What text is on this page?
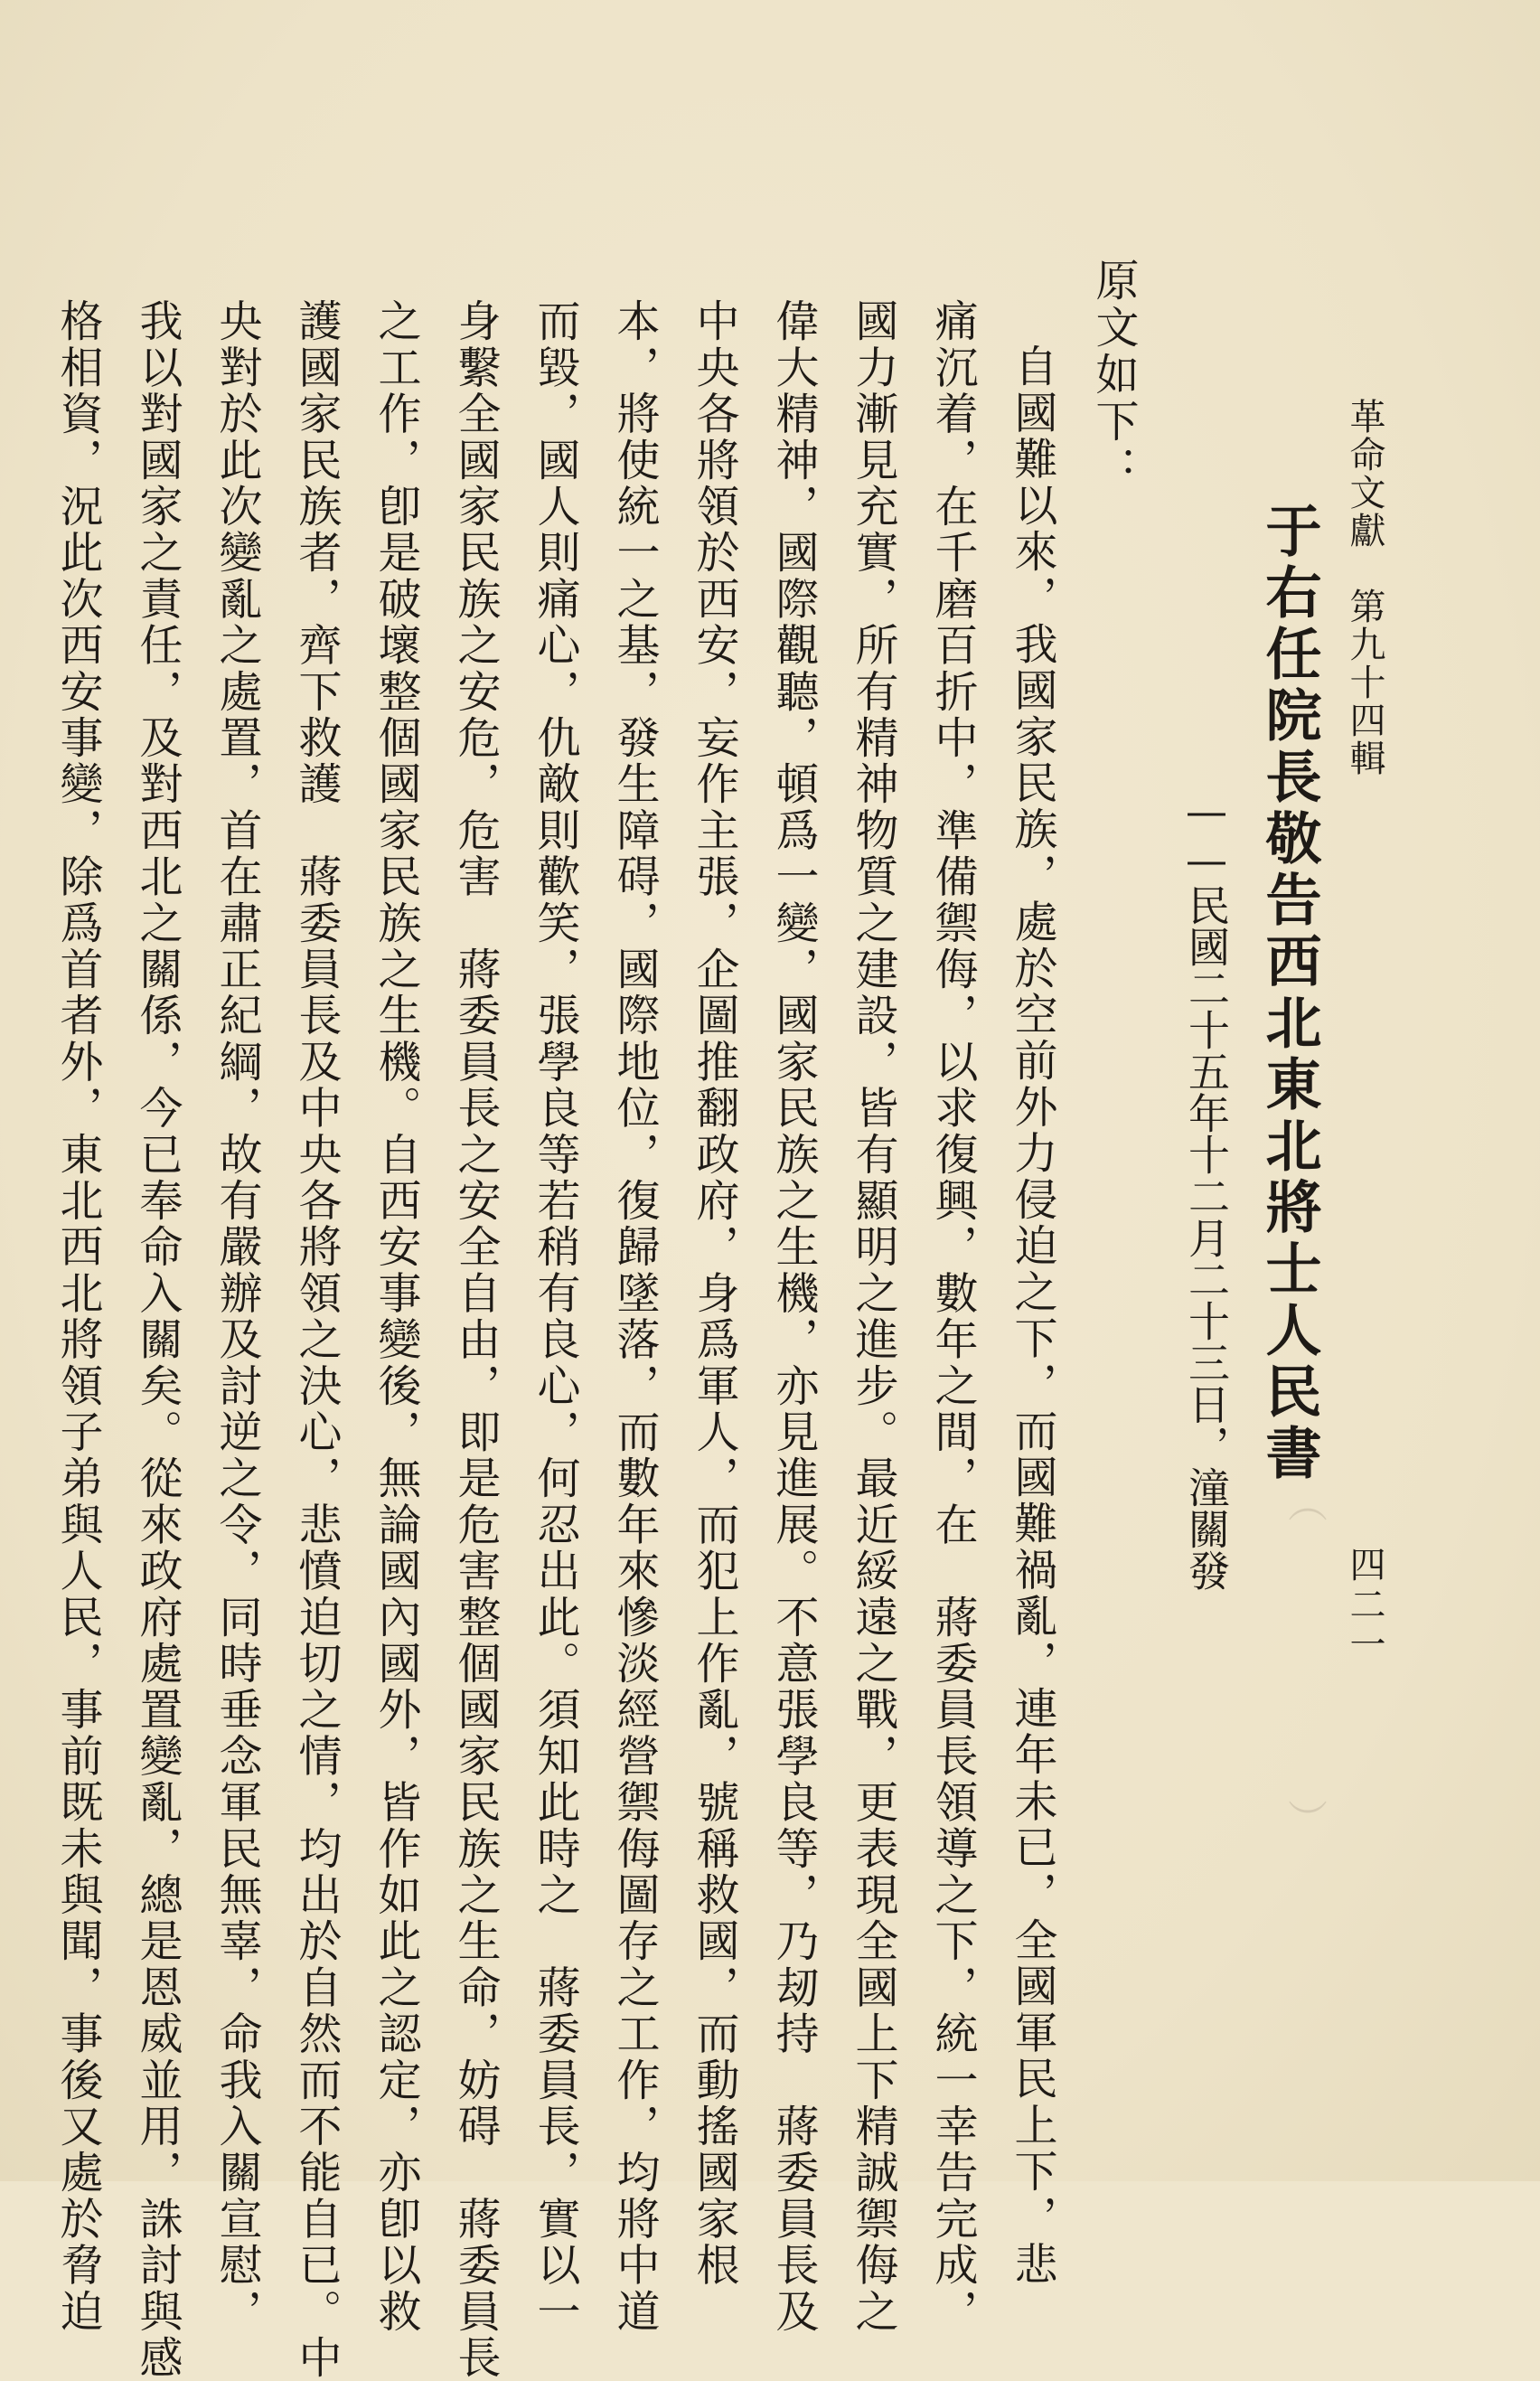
（　　　　　　）
革命文獻　第九十四輯
四二一
于右任院長敬告西北東北將士人民書
——民國二十五年十二月二十三日，潼關發
原文如下：
自國難以來，我國家民族，處於空前外力侵迫之下，而國難禍亂，連年未已，全國軍民上下，悲
痛沉着，在千磨百折中，準備禦侮，以求復興，數年之間，在　蔣委員長領導之下，統一幸告完成，
國力漸見充實，所有精神物質之建設，皆有顯明之進步。最近綏遠之戰，更表現全國上下精誠禦侮之
偉大精神，國際觀聽，頓爲一變，國家民族之生機，亦見進展。不意張學良等，乃刼持　蔣委員長及
中央各將領於西安，妄作主張，企圖推翻政府，身爲軍人，而犯上作亂，號稱救國，而動搖國家根
本，將使統一之基，發生障碍，國際地位，復歸墜落，而數年來慘淡經營禦侮圖存之工作，均將中道
而毀，國人則痛心，仇敵則歡笑，張學良等若稍有良心，何忍出此。須知此時之　蔣委員長，實以一
身繫全國家民族之安危，危害　蔣委員長之安全自由，即是危害整個國家民族之生命，妨碍　蔣委員長
之工作，卽是破壞整個國家民族之生機。自西安事變後，無論國內國外，皆作如此之認定，亦卽以救
護國家民族者，齊下救護　蔣委員長及中央各將領之決心，悲憤迫切之情，均出於自然而不能自已。中
央對於此次變亂之處置，首在肅正紀綱，故有嚴辦及討逆之令，同時垂念軍民無辜，命我入關宣慰，
我以對國家之責任，及對西北之關係，今已奉命入關矣。從來政府處置變亂，總是恩威並用，誅討與感
格相資，況此次西安事變，除爲首者外，東北西北將領子弟與人民，事前既未與聞，事後又處於脅迫
